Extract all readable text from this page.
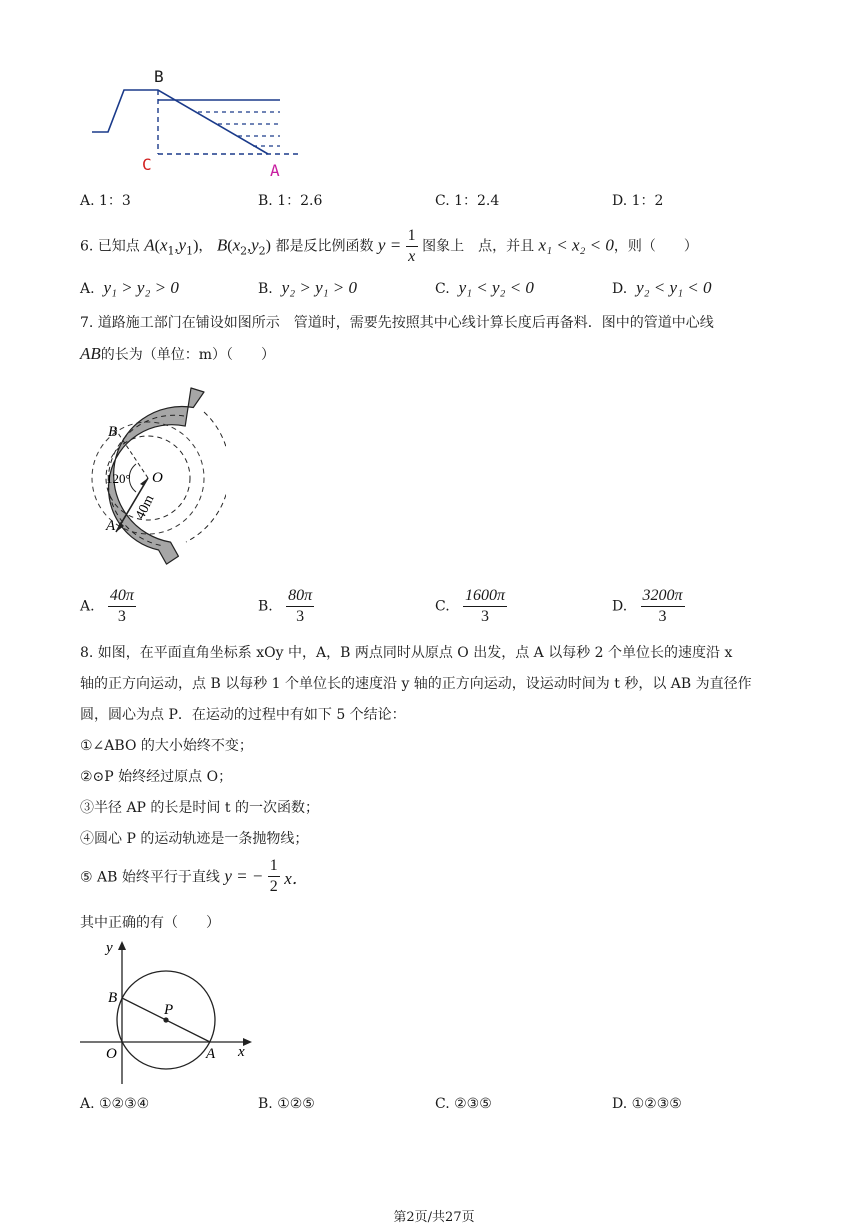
B
C	A
A. 1：3	B. 1：2.6	C. 1：2.4	D. 1：2
6. 已知点 $A(x_1,y_1)$， $B(x_2,y_2)$ 都是反比例函数 $y = \frac{1}{x}$ 图象上　点，并且 x₁ < x₂ < 0，则（　　）
A. y₁ > y₂ > 0	B. y₂ > y₁ > 0	C. y₁ < y₂ < 0	D. y₂ < y₁ < 0
7. 道路施工部门在铺设如图所示　管道时，需要先按照其中心线计算长度后再备料．图中的管道中心线
AB的长为（单位：m）（　　）
B
O
A
120°
40m
A. $\frac{40\pi}{3}$	B. $\frac{80\pi}{3}$	C. $\frac{1600\pi}{3}$	D. $\frac{3200\pi}{3}$
8. 如图，在平面直角坐标系 xOy 中，A，B 两点同时从原点 O 出发，点 A 以每秒 2 个单位长的速度沿 x
轴的正方向运动，点 B 以每秒 1 个单位长的速度沿 y 轴的正方向运动，设运动时间为 t 秒，以 AB 为直径作
圆，圆心为点 P．在运动的过程中有如下 5 个结论：
①∠ABO 的大小始终不变；
②⊙P 始终经过原点 O；
③半径 AP 的长是时间 t 的一次函数；
④圆心 P 的运动轨迹是一条抛物线；
⑤ AB 始终平行于直线 y = − $\frac{1}{2}$ x．
其中正确的有（　　）
y
x
B
P
O	A
A. ①②③④	B. ①②⑤	C. ②③⑤	D. ①②③⑤
第2页/共27页
